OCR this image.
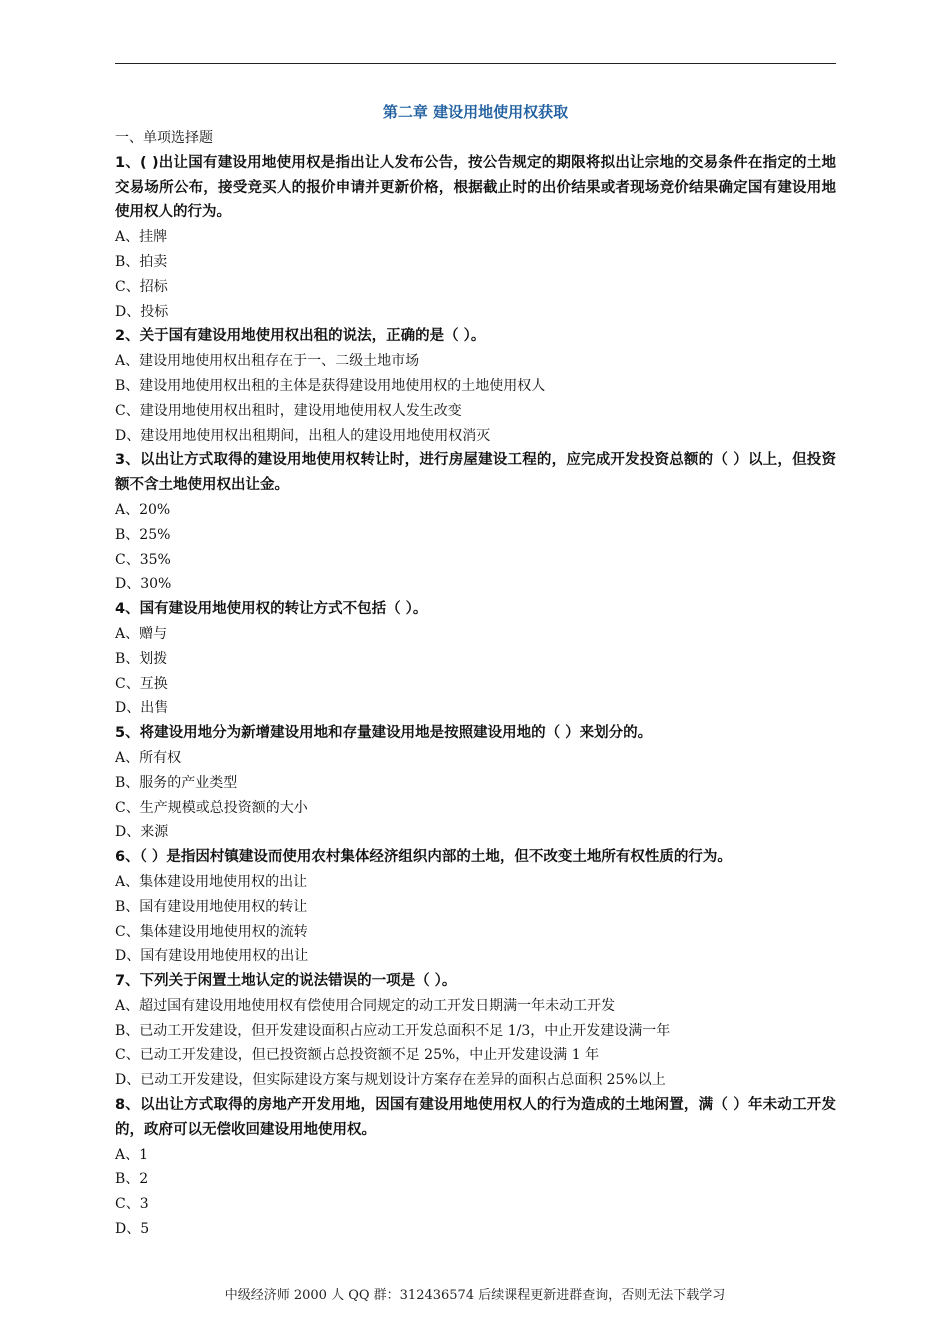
第二章 建设用地使用权获取

一、单项选择题

1、( )出让国有建设用地使用权是指出让人发布公告，按公告规定的期限将拟出让宗地的交易条件在指定的土地交易场所公布，接受竞买人的报价申请并更新价格，根据截止时的出价结果或者现场竞价结果确定国有建设用地使用权人的行为。

A、挂牌

B、拍卖

C、招标

D、投标

2、关于国有建设用地使用权出租的说法，正确的是（ ）。

A、建设用地使用权出租存在于一、二级土地市场

B、建设用地使用权出租的主体是获得建设用地使用权的土地使用权人

C、建设用地使用权出租时，建设用地使用权人发生改变

D、建设用地使用权出租期间，出租人的建设用地使用权消灭

3、以出让方式取得的建设用地使用权转让时，进行房屋建设工程的，应完成开发投资总额的（ ）以上，但投资额不含土地使用权出让金。

A、20%

B、25%

C、35%

D、30%

4、国有建设用地使用权的转让方式不包括（ ）。

A、赠与

B、划拨

C、互换

D、出售

5、将建设用地分为新增建设用地和存量建设用地是按照建设用地的（ ）来划分的。

A、所有权

B、服务的产业类型

C、生产规模或总投资额的大小

D、来源

6、（ ）是指因村镇建设而使用农村集体经济组织内部的土地，但不改变土地所有权性质的行为。

A、集体建设用地使用权的出让

B、国有建设用地使用权的转让

C、集体建设用地使用权的流转

D、国有建设用地使用权的出让

7、下列关于闲置土地认定的说法错误的一项是（ ）。

A、超过国有建设用地使用权有偿使用合同规定的动工开发日期满一年未动工开发

B、已动工开发建设，但开发建设面积占应动工开发总面积不足 1/3，中止开发建设满一年

C、已动工开发建设，但已投资额占总投资额不足 25%，中止开发建设满 1 年

D、已动工开发建设，但实际建设方案与规划设计方案存在差异的面积占总面积 25%以上

8、以出让方式取得的房地产开发用地，因国有建设用地使用权人的行为造成的土地闲置，满（ ）年未动工开发的，政府可以无偿收回建设用地使用权。

A、1

B、2

C、3

D、5

中级经济师 2000 人 QQ 群：312436574 后续课程更新进群查询，否则无法下载学习
